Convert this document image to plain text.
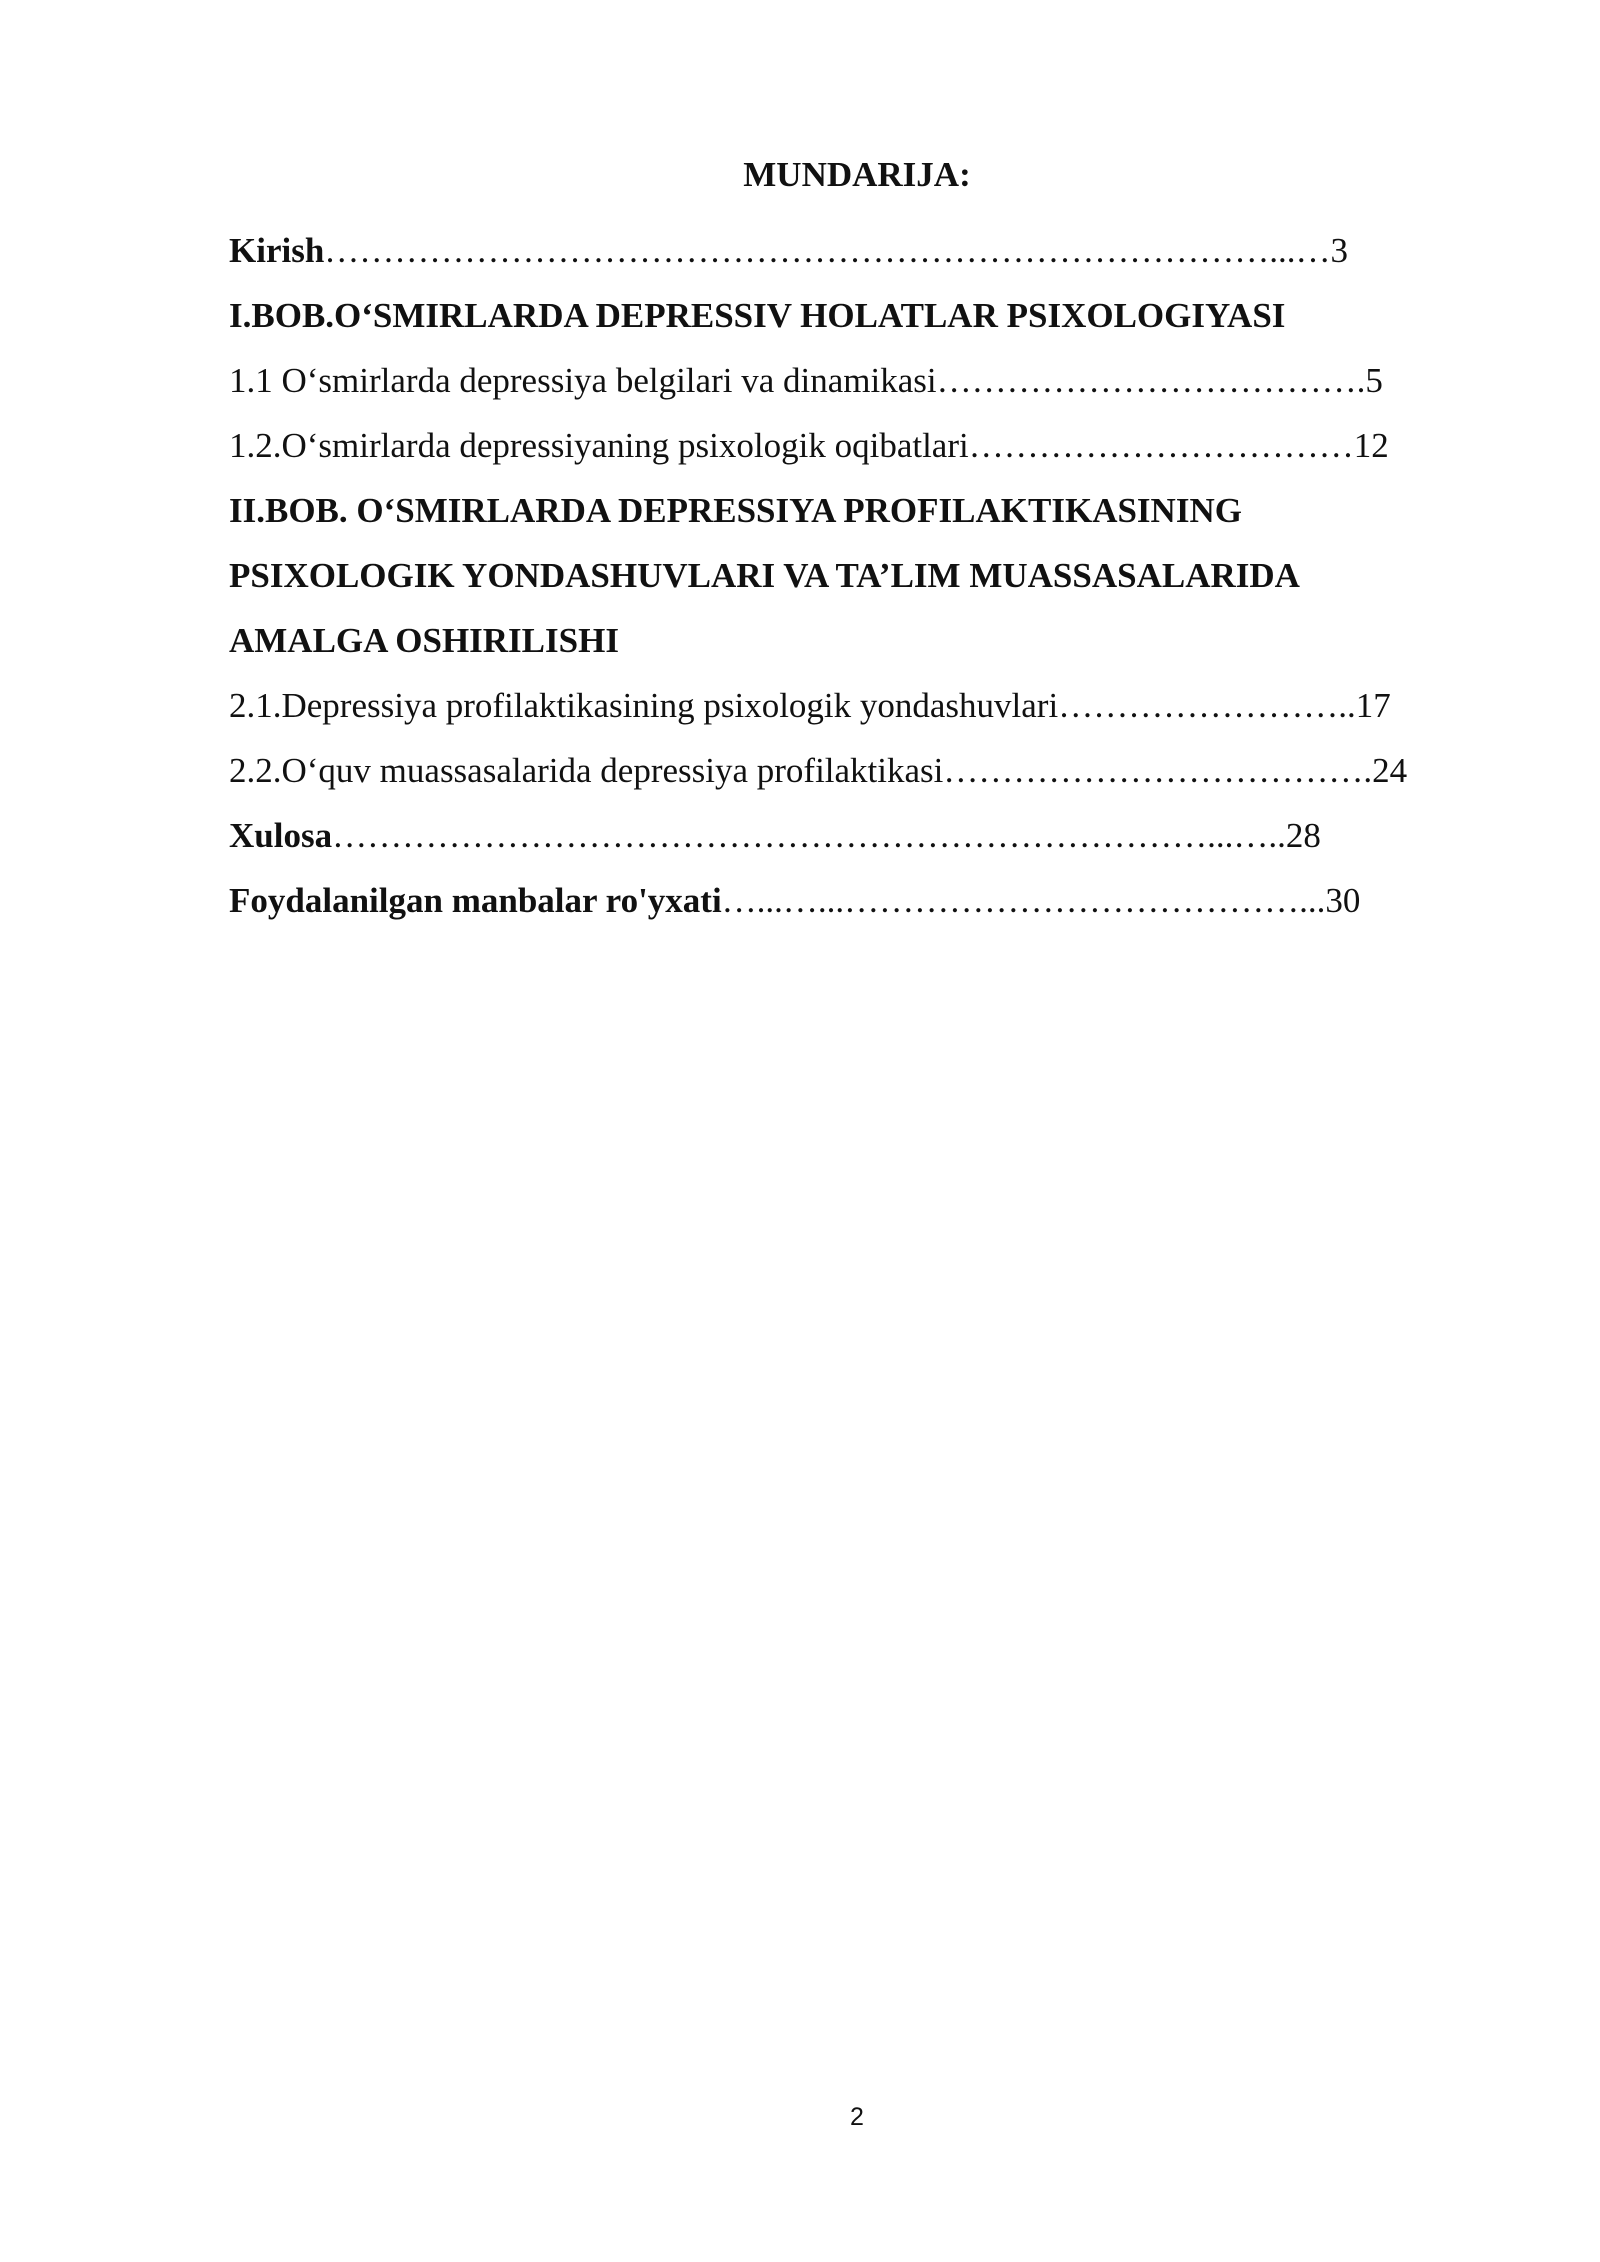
MUNDARIJA:
Kirish………………………………………………………………………...…3
I.BOB.O‘SMIRLARDA DEPRESSIV HOLATLAR PSIXOLOGIYASI
1.1 O‘smirlarda depressiya belgilari va dinamikasi……………………………….5
1.2.O‘smirlarda depressiyaning psixologik oqibatlari……………………………12
II.BOB. O‘SMIRLARDA DEPRESSIYA PROFILAKTIKASINING
PSIXOLOGIK YONDASHUVLARI VA TA’LIM MUASSASALARIDA
AMALGA OSHIRILISHI
2.1.Depressiya profilaktikasining psixologik yondashuvlari……………………..17
2.2.O‘quv muassasalarida depressiya profilaktikasi……………………………….24
Xulosa…………………………………………………………………...…..28
Foydalanilgan manbalar ro'yxati…...…...…………………………………...30
2
